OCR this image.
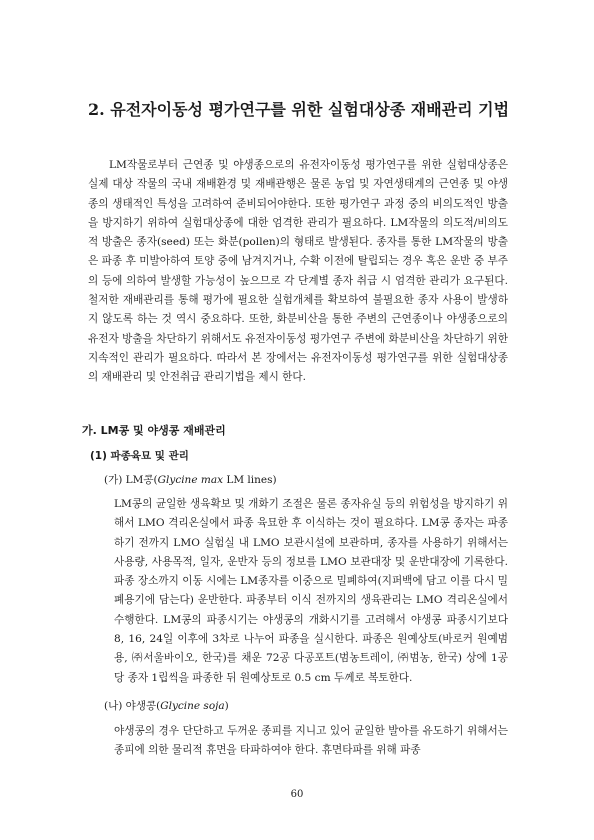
2. 유전자이동성 평가연구를 위한 실험대상종 재배관리 기법

LM작물로부터 근연종 및 야생종으로의 유전자이동성 평가연구를 위한 실험대상종은 실제 대상 작물의 국내 재배환경 및 재배관행은 물론 농업 및 자연생태계의 근연종 및 야생종의 생태적인 특성을 고려하여 준비되어야한다. 또한 평가연구 과정 중의 비의도적인 방출을 방지하기 위하여 실험대상종에 대한 엄격한 관리가 필요하다. LM작물의 의도적/비의도적 방출은 종자(seed) 또는 화분(pollen)의 형태로 발생된다. 종자를 통한 LM작물의 방출은 파종 후 미발아하여 토양 중에 남겨지거나, 수확 이전에 탈립되는 경우 혹은 운반 중 부주의 등에 의하여 발생할 가능성이 높으므로 각 단계별 종자 취급 시 엄격한 관리가 요구된다. 철저한 재배관리를 통해 평가에 필요한 실험개체를 확보하여 불필요한 종자 사용이 발생하지 않도록 하는 것 역시 중요하다. 또한, 화분비산을 통한 주변의 근연종이나 야생종으로의 유전자 방출을 차단하기 위해서도 유전자이동성 평가연구 주변에 화분비산을 차단하기 위한 지속적인 관리가 필요하다. 따라서 본 장에서는 유전자이동성 평가연구를 위한 실험대상종의 재배관리 및 안전취급 관리기법을 제시 한다.

가. LM콩 및 야생콩 재배관리
(1) 파종육묘 및 관리
(가) LM콩(Glycine max LM lines)

LM콩의 균일한 생육확보 및 개화기 조절은 물론 종자유실 등의 위험성을 방지하기 위해서 LMO 격리온실에서 파종 육묘한 후 이식하는 것이 필요하다. LM콩 종자는 파종하기 전까지 LMO 실험실 내 LMO 보관시설에 보관하며, 종자를 사용하기 위해서는 사용량, 사용목적, 일자, 운반자 등의 정보를 LMO 보관대장 및 운반대장에 기록한다. 파종 장소까지 이동 시에는 LM종자를 이중으로 밀폐하여(지퍼백에 담고 이를 다시 밀폐용기에 담는다) 운반한다. 파종부터 이식 전까지의 생육관리는 LMO 격리온실에서 수행한다. LM콩의 파종시기는 야생콩의 개화시기를 고려해서 야생콩 파종시기보다 8, 16, 24일 이후에 3차로 나누어 파종을 실시한다. 파종은 원예상토(바로커 원예범용, ㈜서울바이오, 한국)를 채운 72공 다공포트(범농트레이, ㈜범농, 한국) 상에 1공당 종자 1립씩을 파종한 뒤 원예상토로 0.5 cm 두께로 복토한다.

(나) 야생콩(Glycine soja)

야생콩의 경우 단단하고 두꺼운 종피를 지니고 있어 균일한 발아를 유도하기 위해서는 종피에 의한 물리적 휴면을 타파하여야 한다. 휴면타파를 위해 파종

60
